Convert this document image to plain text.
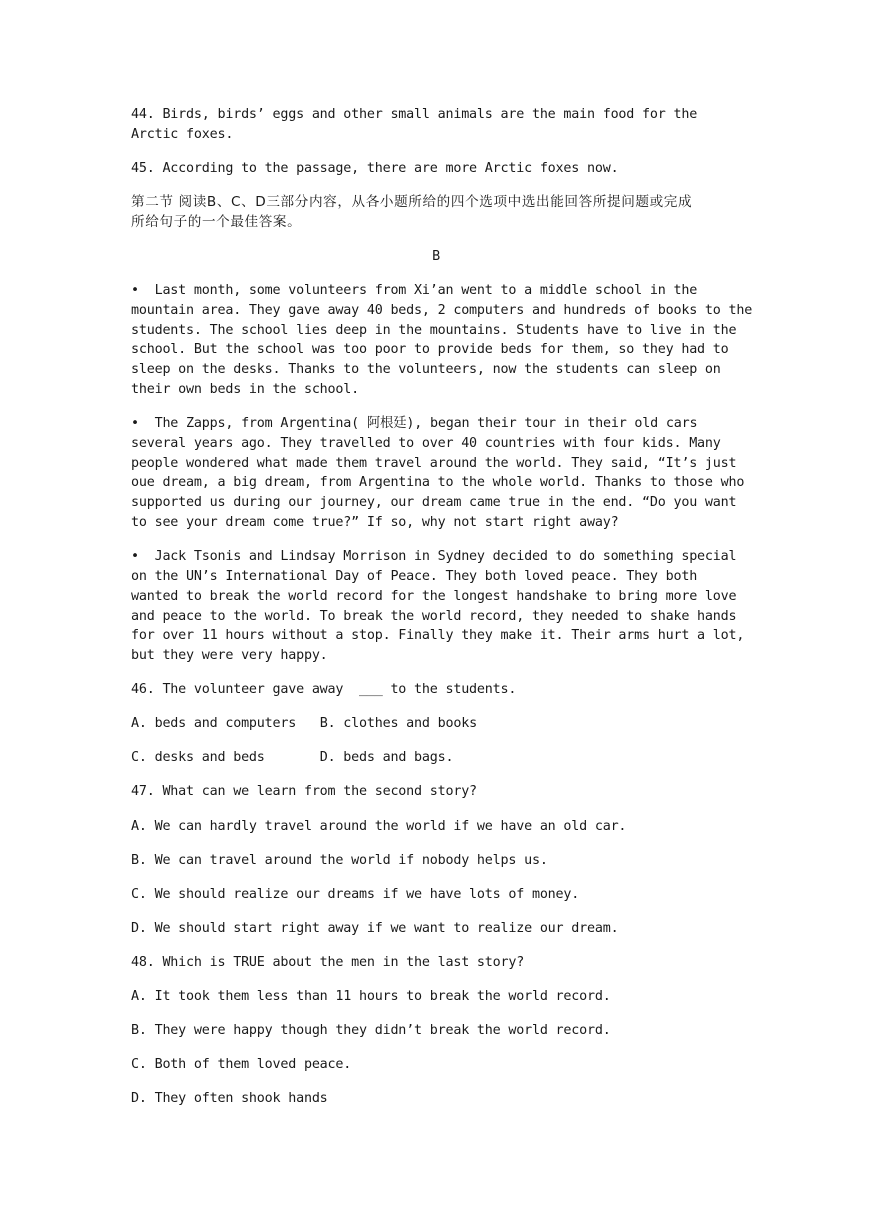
44. Birds, birds’ eggs and other small animals are the main food for the
Arctic foxes.
45. According to the passage, there are more Arctic foxes now.
第二节 阅读B、C、D三部分内容，从各小题所给的四个选项中选出能回答所提问题或完成
所给句子的一个最佳答案。
B
•  Last month, some volunteers from Xi’an went to a middle school in the
mountain area. They gave away 40 beds, 2 computers and hundreds of books to the
students. The school lies deep in the mountains. Students have to live in the
school. But the school was too poor to provide beds for them, so they had to
sleep on the desks. Thanks to the volunteers, now the students can sleep on
their own beds in the school.
•  The Zapps, from Argentina( 阿根廷), began their tour in their old cars
several years ago. They travelled to over 40 countries with four kids. Many
people wondered what made them travel around the world. They said, “It’s just
oue dream, a big dream, from Argentina to the whole world. Thanks to those who
supported us during our journey, our dream came true in the end. “Do you want
to see your dream come true?” If so, why not start right away?
•  Jack Tsonis and Lindsay Morrison in Sydney decided to do something special
on the UN’s International Day of Peace. They both loved peace. They both
wanted to break the world record for the longest handshake to bring more love
and peace to the world. To break the world record, they needed to shake hands
for over 11 hours without a stop. Finally they make it. Their arms hurt a lot,
but they were very happy.
46. The volunteer gave away  ___ to the students.
A. beds and computers B. clothes and books
C. desks and beds	D. beds and bags.
47. What can we learn from the second story?
A. We can hardly travel around the world if we have an old car.
B. We can travel around the world if nobody helps us.
C. We should realize our dreams if we have lots of money.
D. We should start right away if we want to realize our dream.
48. Which is TRUE about the men in the last story?
A. It took them less than 11 hours to break the world record.
B. They were happy though they didn’t break the world record.
C. Both of them loved peace.
D. They often shook hands
